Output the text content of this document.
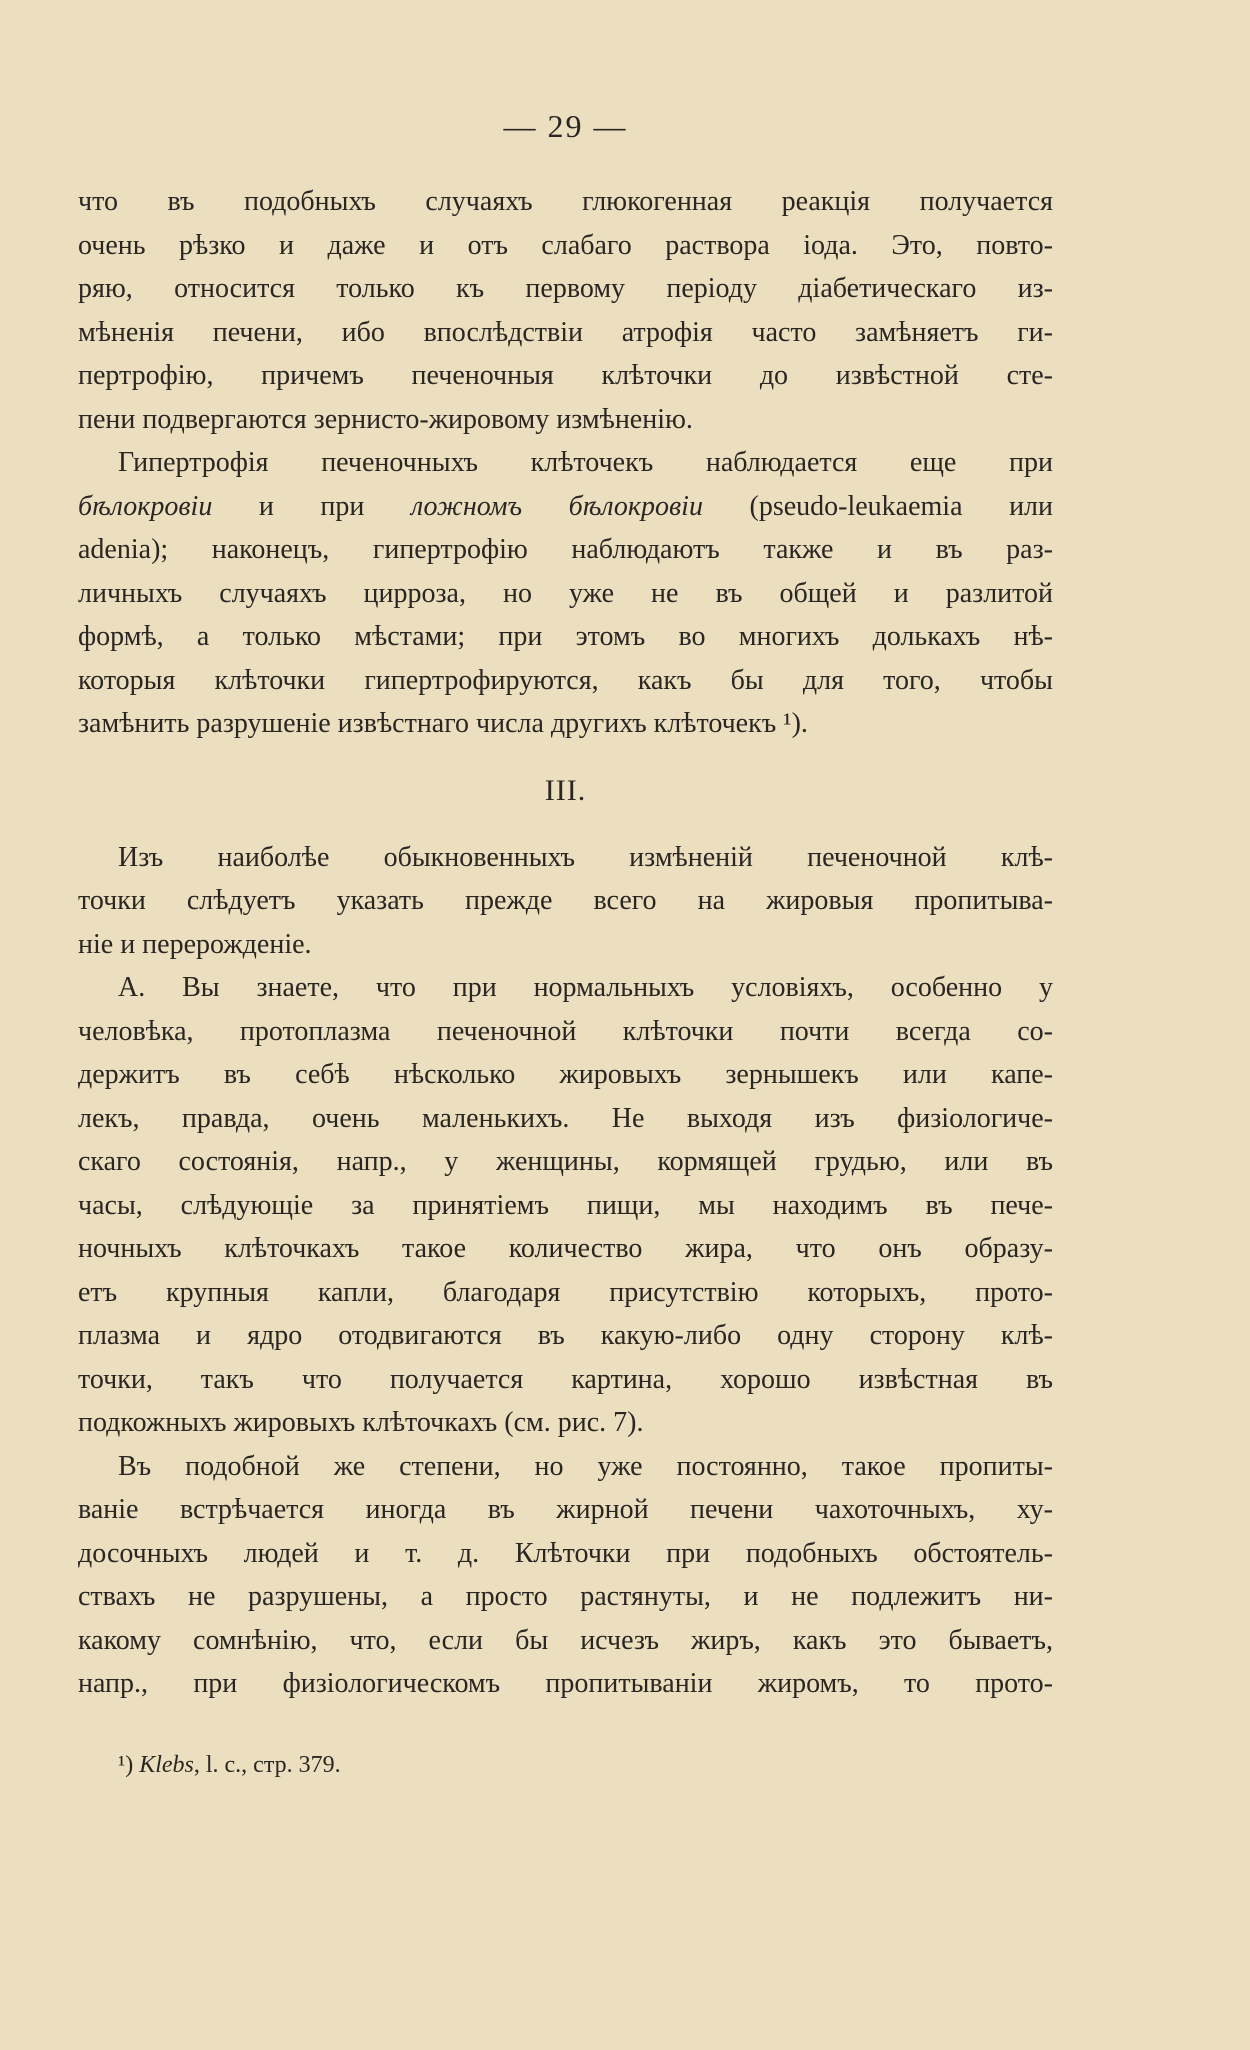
— 29 —
что въ подобныхъ случаяхъ глюкогенная реакція получается
очень рѣзко и даже и отъ слабаго раствора іода. Это, повто-
ряю, относится только къ первому періоду діабетическаго из-
мѣненія печени, ибо впослѣдствіи атрофія часто замѣняетъ ги-
пертрофію, причемъ печеночныя клѣточки до извѣстной сте-
пени подвергаются зернисто-жировому измѣненію.
Гипертрофія печеночныхъ клѣточекъ наблюдается еще при
бѣлокровіи и при ложномъ бѣлокровіи (pseudo-leukaemia или
adenia); наконецъ, гипертрофію наблюдаютъ также и въ раз-
личныхъ случаяхъ цирроза, но уже не въ общей и разлитой
формѣ, а только мѣстами; при этомъ во многихъ долькахъ нѣ-
которыя клѣточки гипертрофируются, какъ бы для того, чтобы
замѣнить разрушеніе извѣстнаго числа другихъ клѣточекъ ¹).
III.
Изъ наиболѣе обыкновенныхъ измѣненій печеночной клѣ-
точки слѣдуетъ указать прежде всего на жировыя пропитыва-
ніе и перерожденіе.
А. Вы знаете, что при нормальныхъ условіяхъ, особенно у
человѣка, протоплазма печеночной клѣточки почти всегда со-
держитъ въ себѣ нѣсколько жировыхъ зернышекъ или капе-
лекъ, правда, очень маленькихъ. Не выходя изъ физіологиче-
скаго состоянія, напр., у женщины, кормящей грудью, или въ
часы, слѣдующіе за принятіемъ пищи, мы находимъ въ пече-
ночныхъ клѣточкахъ такое количество жира, что онъ образу-
етъ крупныя капли, благодаря присутствію которыхъ, прото-
плазма и ядро отодвигаются въ какую-либо одну сторону клѣ-
точки, такъ что получается картина, хорошо извѣстная въ
подкожныхъ жировыхъ клѣточкахъ (см. рис. 7).
Въ подобной же степени, но уже постоянно, такое пропиты-
ваніе встрѣчается иногда въ жирной печени чахоточныхъ, ху-
досочныхъ людей и т. д. Клѣточки при подобныхъ обстоятель-
ствахъ не разрушены, а просто растянуты, и не подлежитъ ни-
какому сомнѣнію, что, если бы исчезъ жиръ, какъ это бываетъ,
напр., при физіологическомъ пропитываніи жиромъ, то прото-
¹) Klebs, l. c., стр. 379.
